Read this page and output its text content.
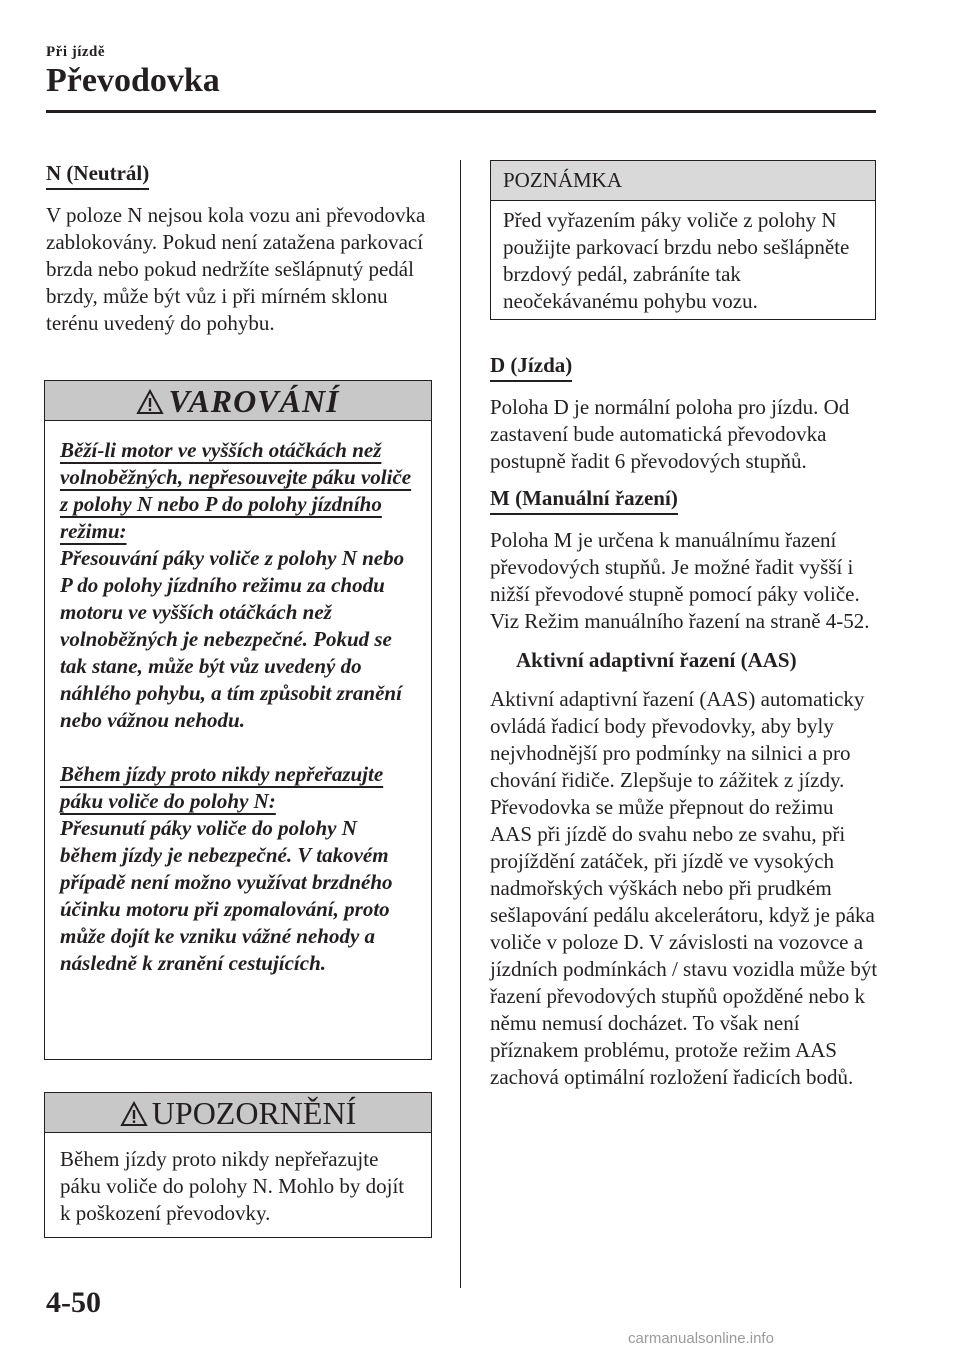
Při jízdě
Převodovka
N (Neutrál)

V poloze N nejsou kola vozu ani převodovka zablokovány. Pokud není zatažena parkovací brzda nebo pokud nedržíte sešlápnutý pedál brzdy, může být vůz i při mírném sklonu terénu uvedený do pohybu.

VAROVÁNÍ
Běží-li motor ve vyšších otáčkách než volnoběžných, nepřesouvejte páku voliče z polohy N nebo P do polohy jízdního režimu:
Přesouvání páky voliče z polohy N nebo P do polohy jízdního režimu za chodu motoru ve vyšších otáčkách než volnoběžných je nebezpečné. Pokud se tak stane, může být vůz uvedený do náhlého pohybu, a tím způsobit zranění nebo vážnou nehodu.
Během jízdy proto nikdy nepřeřazujte páku voliče do polohy N:
Přesunutí páky voliče do polohy N během jízdy je nebezpečné. V takovém případě není možno využívat brzdného účinku motoru při zpomalování, proto může dojít ke vzniku vážné nehody a následně k zranění cestujících.
UPOZORNĚNÍ
Během jízdy proto nikdy nepřeřazujte páku voliče do polohy N. Mohlo by dojít k poškození převodovky.
POZNÁMKA
Před vyřazením páky voliče z polohy N použijte parkovací brzdu nebo sešlápněte brzdový pedál, zabráníte tak neočekávanému pohybu vozu.
D (Jízda)

Poloha D je normální poloha pro jízdu. Od zastavení bude automatická převodovka postupně řadit 6 převodových stupňů.

M (Manuální řazení)

Poloha M je určena k manuálnímu řazení převodových stupňů. Je možné řadit vyšší i nižší převodové stupně pomocí páky voliče. Viz Režim manuálního řazení na straně 4-52.

Aktivní adaptivní řazení (AAS)

Aktivní adaptivní řazení (AAS) automaticky ovládá řadicí body převodovky, aby byly nejvhodnější pro podmínky na silnici a pro chování řidiče. Zlepšuje to zážitek z jízdy. Převodovka se může přepnout do režimu AAS při jízdě do svahu nebo ze svahu, při projíždění zatáček, při jízdě ve vysokých nadmořských výškách nebo při prudkém sešlapování pedálu akcelerátoru, když je páka voliče v poloze D. V závislosti na vozovce a jízdních podmínkách / stavu vozidla může být řazení převodových stupňů opožděné nebo k němu nemusí docházet. To však není příznakem problému, protože režim AAS zachová optimální rozložení řadicích bodů.

4-50
carmanualsonline.info
